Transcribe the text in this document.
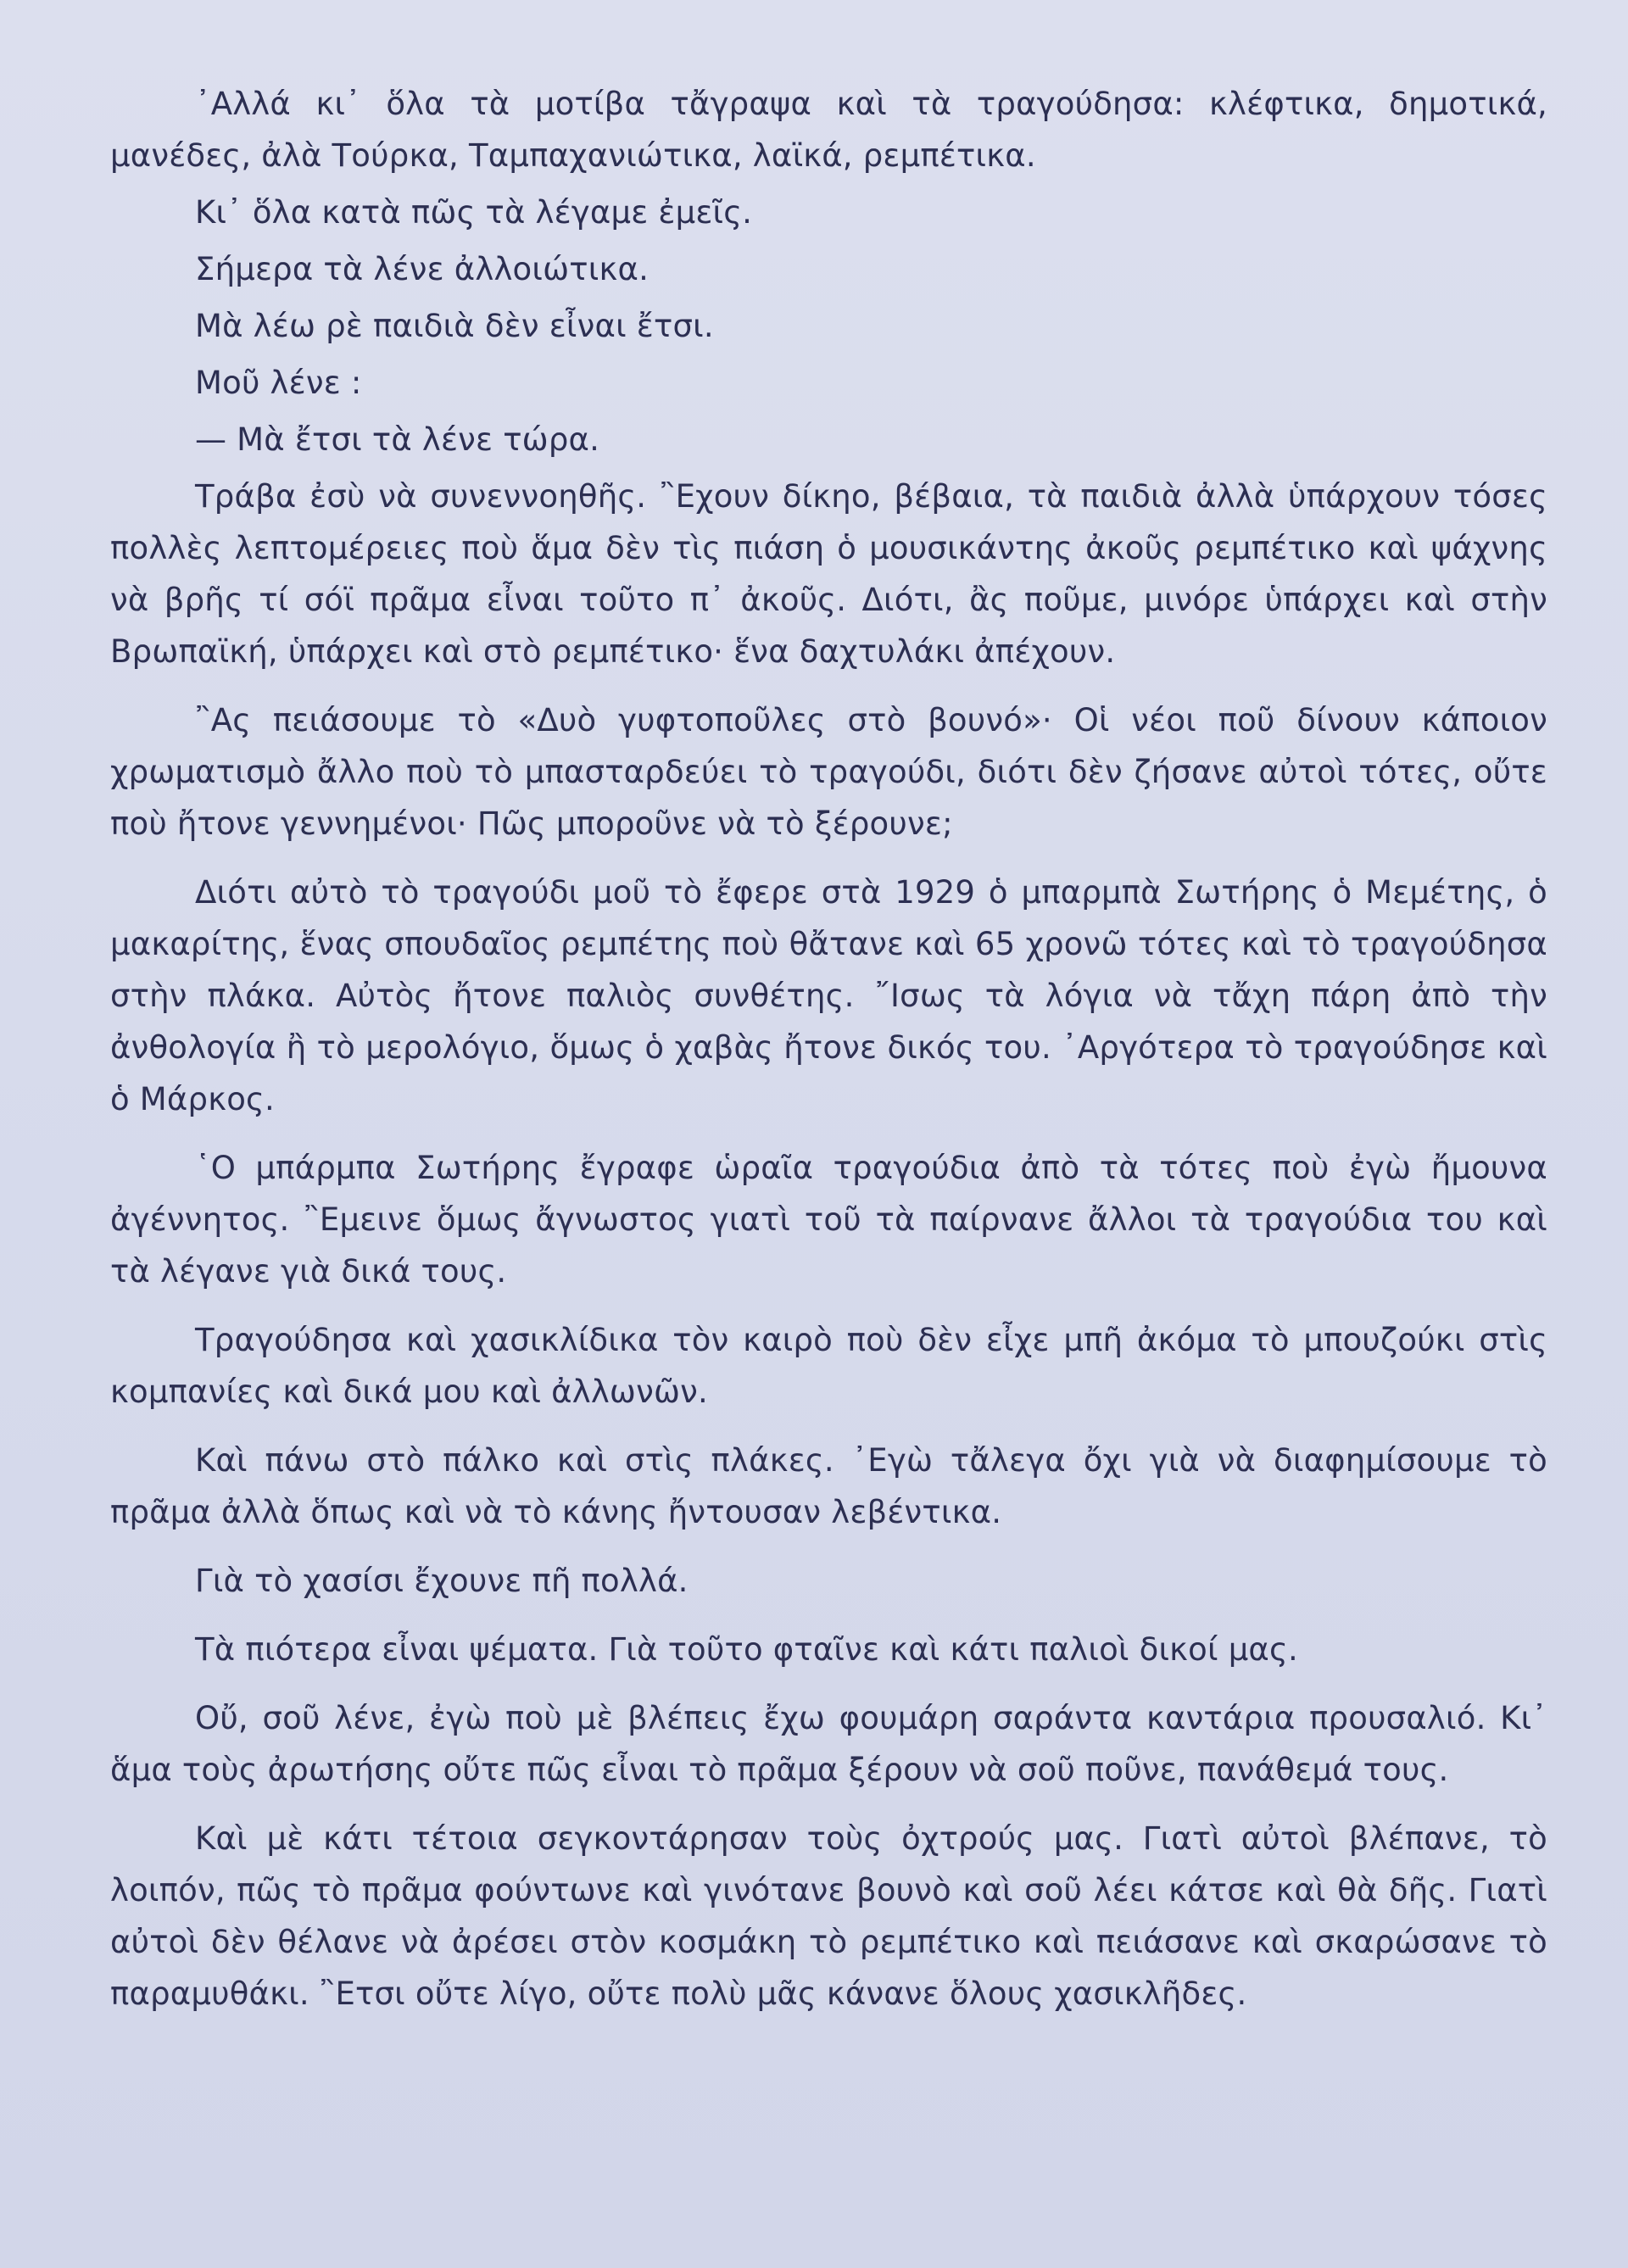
᾽Αλλά κι᾽ ὅλα τὰ μοτίβα τἄγραψα καὶ τὰ τραγούδησα: κλέφτικα, δημοτικά, μανέδες, ἀλὰ Τούρκα, Ταμπαχανιώτικα, λαϊκά, ρεμπέτικα.

Κι᾽ ὅλα κατὰ πῶς τὰ λέγαμε ἐμεῖς.

Σήμερα τὰ λένε ἀλλοιώτικα.

Μὰ λέω ρὲ παιδιὰ δὲν εἶναι ἔτσι.

Μοῦ λένε :

— Μὰ ἔτσι τὰ λένε τώρα.

Τράβα ἐσὺ νὰ συνεννοηθῆς. ῍Εχουν δίκηο, βέβαια, τὰ παιδιὰ ἀλλὰ ὑπάρχουν τόσες πολλὲς λεπτομέρειες ποὺ ἅμα δὲν τὶς πιάση ὁ μουσικάντης ἀκοῦς ρεμπέτικο καὶ ψάχνης νὰ βρῆς τί σόϊ πρᾶμα εἶναι τοῦτο π᾽ ἀκοῦς. Διότι, ἂς ποῦμε, μινόρε ὑπάρχει καὶ στὴν Βρωπαϊκή, ὑπάρχει καὶ στὸ ρεμπέτικο· ἕνα δαχτυλάκι ἀπέχουν.

῍Ας πειάσουμε τὸ «Δυὸ γυφτοποῦλες στὸ βουνό»· Οἱ νέοι ποῦ δίνουν κάποιον χρωματισμὸ ἄλλο ποὺ τὸ μπασταρδεύει τὸ τραγούδι, διότι δὲν ζήσανε αὐτοὶ τότες, οὔτε ποὺ ἤτονε γεννημένοι· Πῶς μποροῦνε νὰ τὸ ξέρουνε;

Διότι αὐτὸ τὸ τραγούδι μοῦ τὸ ἔφερε στὰ 1929 ὁ μπαρμπὰ Σωτήρης ὁ Μεμέτης, ὁ μακαρίτης, ἕνας σπουδαῖος ρεμπέτης ποὺ θἄτανε καὶ 65 χρονῶ τότες καὶ τὸ τραγούδησα στὴν πλάκα. Αὐτὸς ἤτονε παλιὸς συνθέτης. ῎Ισως τὰ λόγια νὰ τἄχη πάρη ἀπὸ τὴν ἀνθολογία ἢ τὸ μερολόγιο, ὅμως ὁ χαβὰς ἤτονε δικός του. ᾽Αργότερα τὸ τραγούδησε καὶ ὁ Μάρκος.

῾Ο μπάρμπα Σωτήρης ἔγραφε ὡραῖα τραγούδια ἀπὸ τὰ τότες ποὺ ἐγὼ ἤμουνα ἀγέννητος. ῍Εμεινε ὅμως ἄγνωστος γιατὶ τοῦ τὰ παίρνανε ἄλλοι τὰ τραγούδια του καὶ τὰ λέγανε γιὰ δικά τους.

Τραγούδησα καὶ χασικλίδικα τὸν καιρὸ ποὺ δὲν εἶχε μπῆ ἀκόμα τὸ μπουζούκι στὶς κομπανίες καὶ δικά μου καὶ ἀλλωνῶν.

Καὶ πάνω στὸ πάλκο καὶ στὶς πλάκες. ᾽Εγὼ τἄλεγα ὄχι γιὰ νὰ διαφημίσουμε τὸ πρᾶμα ἀλλὰ ὅπως καὶ νὰ τὸ κάνης ἤντουσαν λεβέντικα.

Γιὰ τὸ χασίσι ἔχουνε πῆ πολλά.

Τὰ πιότερα εἶναι ψέματα. Γιὰ τοῦτο φταῖνε καὶ κάτι παλιοὶ δικοί μας.

Οὔ, σοῦ λένε, ἐγὼ ποὺ μὲ βλέπεις ἔχω φουμάρη σαράντα καντάρια προυσαλιό. Κι᾽ ἅμα τοὺς ἀρωτήσης οὔτε πῶς εἶναι τὸ πρᾶμα ξέρουν νὰ σοῦ ποῦνε, πανάθεμά τους.

Καὶ μὲ κάτι τέτοια σεγκοντάρησαν τοὺς ὀχτρούς μας. Γιατὶ αὐτοὶ βλέπανε, τὸ λοιπόν, πῶς τὸ πρᾶμα φούντωνε καὶ γινότανε βουνὸ καὶ σοῦ λέει κάτσε καὶ θὰ δῆς. Γιατὶ αὐτοὶ δὲν θέλανε νὰ ἀρέσει στὸν κοσμάκη τὸ ρεμπέτικο καὶ πειάσανε καὶ σκαρώσανε τὸ παραμυθάκι. ῍Ετσι οὔτε λίγο, οὔτε πολὺ μᾶς κάνανε ὅλους χασικλῆδες.
